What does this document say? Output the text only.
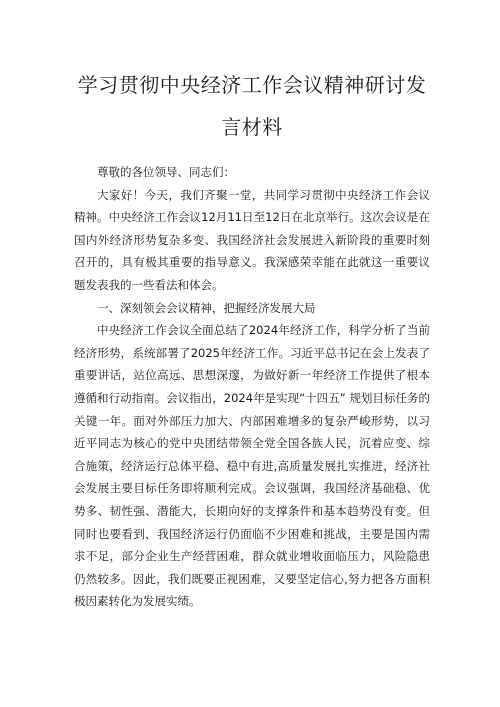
学习贯彻中央经济工作会议精神研讨发
言材料

尊敬的各位领导、同志们：

大家好！今天，我们齐聚一堂，共同学习贯彻中央经济工作会议精神。中央经济工作会议12月11日至12日在北京举行。这次会议是在国内外经济形势复杂多变、我国经济社会发展进入新阶段的重要时刻召开的，具有极其重要的指导意义。我深感荣幸能在此就这一重要议题发表我的一些看法和体会。

一、深刻领会会议精神，把握经济发展大局

中央经济工作会议全面总结了2024年经济工作，科学分析了当前经济形势，系统部署了2025年经济工作。习近平总书记在会上发表了重要讲话，站位高远、思想深邃，为做好新一年经济工作提供了根本遵循和行动指南。会议指出，2024年是实现“十四五” 规划目标任务的关键一年。面对外部压力加大、内部困难增多的复杂严峻形势，以习近平同志为核心的党中央团结带领全党全国各族人民，沉着应变、综合施策，经济运行总体平稳、稳中有进,高质量发展扎实推进，经济社会发展主要目标任务即将顺利完成。会议强调，我国经济基础稳、优势多、韧性强、潜能大，长期向好的支撑条件和基本趋势没有变。但同时也要看到，我国经济运行仍面临不少困难和挑战，主要是国内需求不足，部分企业生产经营困难，群众就业增收面临压力，风险隐患仍然较多。因此，我们既要正视困难，又要坚定信心,努力把各方面积极因素转化为发展实绩。
